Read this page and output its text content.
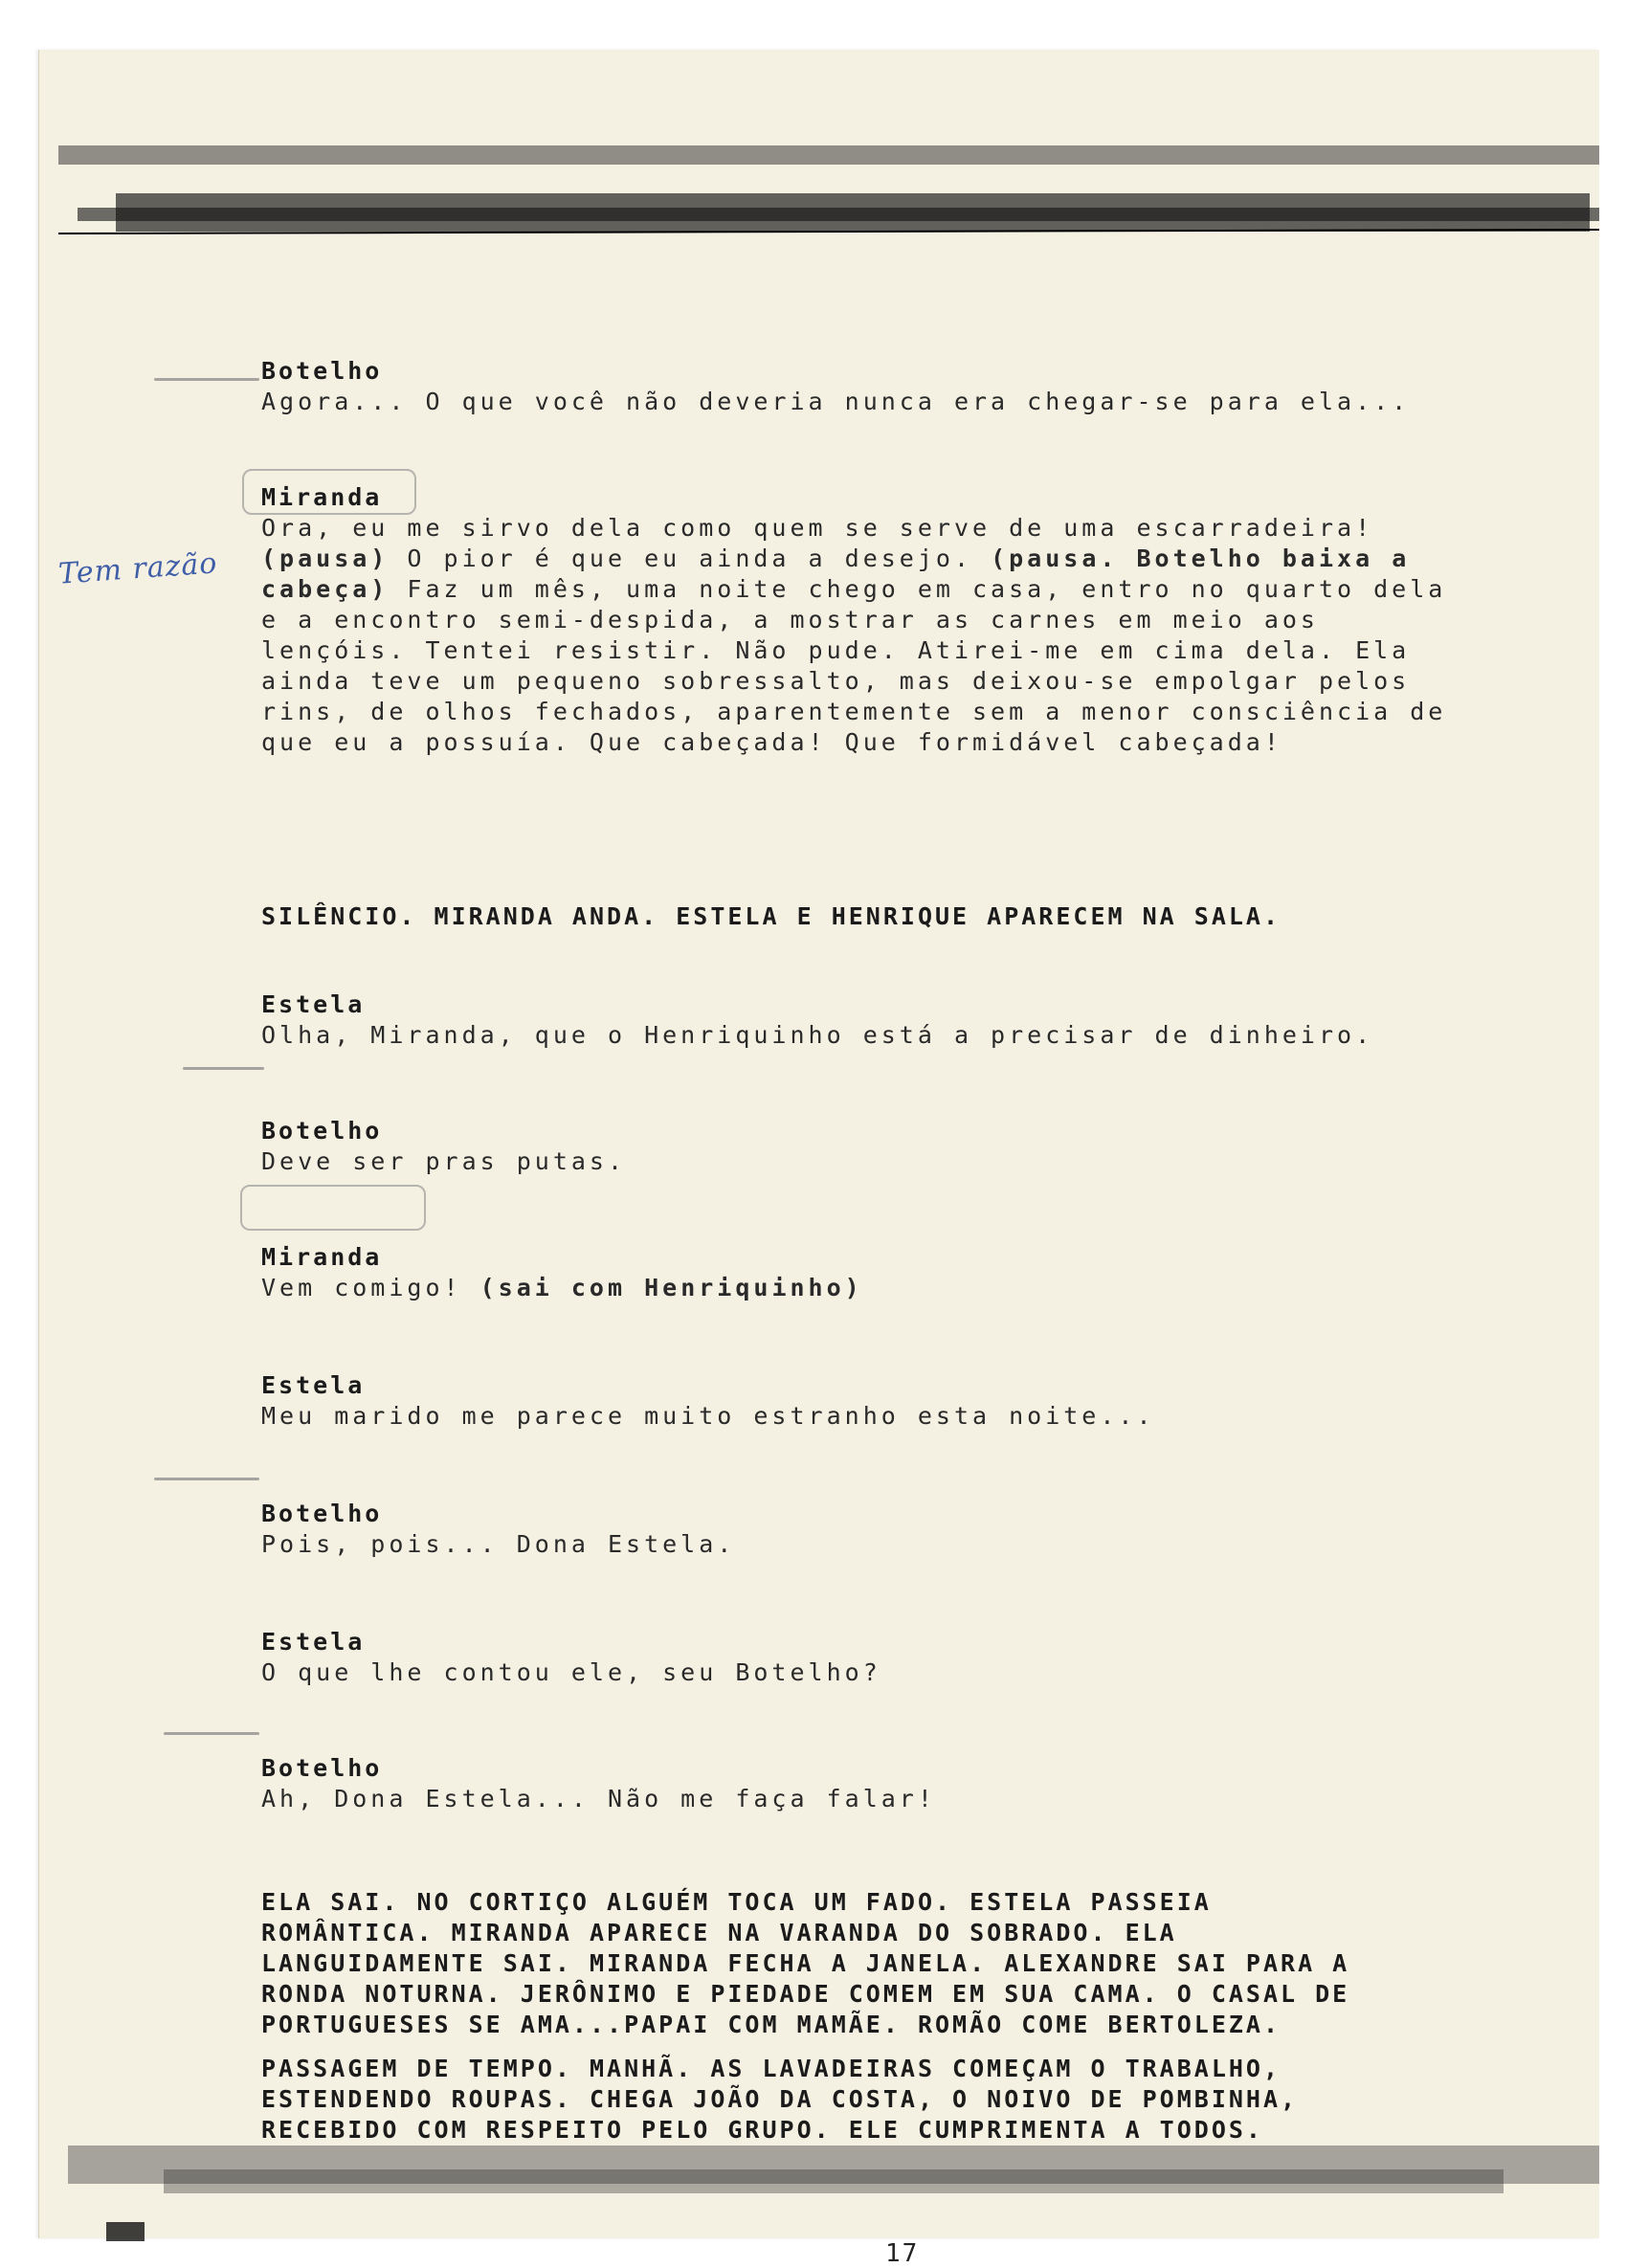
Tem razão
Botelho
Agora... O que você não deveria nunca era chegar-se para ela...
Miranda
Ora, eu me sirvo dela como quem se serve de uma escarradeira!
(pausa) O pior é que eu ainda a desejo. (pausa. Botelho baixa a
cabeça) Faz um mês, uma noite chego em casa, entro no quarto dela
e a encontro semi-despida, a mostrar as carnes em meio aos
lençóis. Tentei resistir. Não pude. Atirei-me em cima dela. Ela
ainda teve um pequeno sobressalto, mas deixou-se empolgar pelos
rins, de olhos fechados, aparentemente sem a menor consciência de
que eu a possuía. Que cabeçada! Que formidável cabeçada!
SILÊNCIO. MIRANDA ANDA. ESTELA E HENRIQUE APARECEM NA SALA.
Estela
Olha, Miranda, que o Henriquinho está a precisar de dinheiro.
Botelho
Deve ser pras putas.
Miranda
Vem comigo! (sai com Henriquinho)
Estela
Meu marido me parece muito estranho esta noite...
Botelho
Pois, pois... Dona Estela.
Estela
O que lhe contou ele, seu Botelho?
Botelho
Ah, Dona Estela... Não me faça falar!
ELA SAI. NO CORTIÇO ALGUÉM TOCA UM FADO. ESTELA PASSEIA
ROMÂNTICA. MIRANDA APARECE NA VARANDA DO SOBRADO. ELA
LANGUIDAMENTE SAI. MIRANDA FECHA A JANELA. ALEXANDRE SAI PARA A
RONDA NOTURNA. JERÔNIMO E PIEDADE COMEM EM SUA CAMA. O CASAL DE
PORTUGUESES SE AMA...PAPAI COM MAMÃE. ROMÃO COME BERTOLEZA.
PASSAGEM DE TEMPO. MANHÃ. AS LAVADEIRAS COMEÇAM O TRABALHO,
ESTENDENDO ROUPAS. CHEGA JOÃO DA COSTA, O NOIVO DE POMBINHA,
RECEBIDO COM RESPEITO PELO GRUPO. ELE CUMPRIMENTA A TODOS.
17
